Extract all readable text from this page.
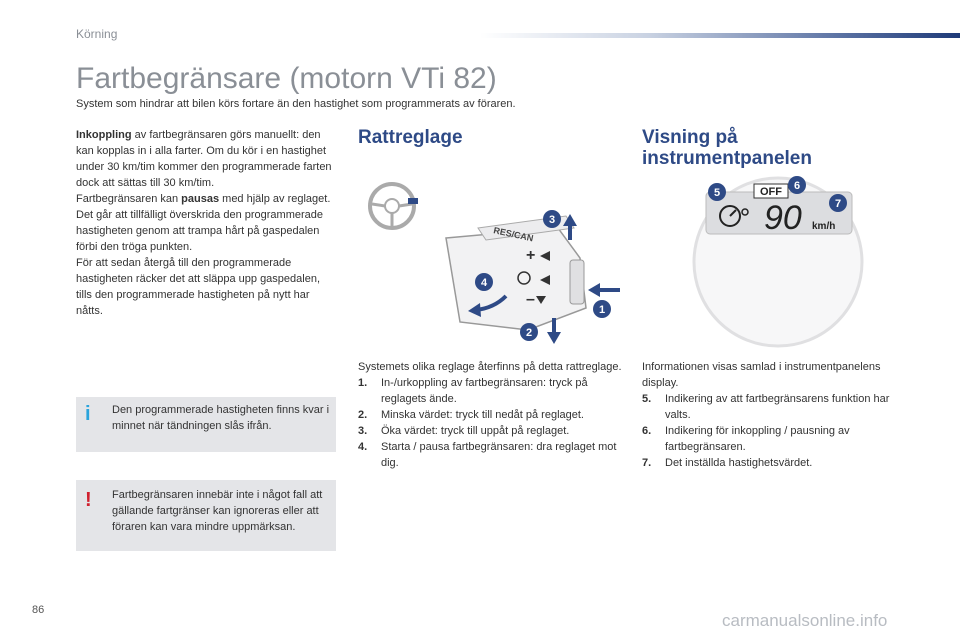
Körning
Fartbegränsare (motorn VTi 82)
System som hindrar att bilen körs fortare än den hastighet som programmerats av föraren.

Inkoppling av fartbegränsaren görs manuellt: den kan kopplas in i alla farter. Om du kör i en hastighet under 30 km/tim kommer den programmerade farten dock att sättas till 30 km/tim.

Fartbegränsaren kan pausas med hjälp av reglaget.

Det går att tillfälligt överskrida den programmerade hastigheten genom att trampa hårt på gaspedalen förbi den tröga punkten.

För att sedan återgå till den programmerade hastigheten räcker det att släppa upp gaspedalen, tills den programmerade hastigheten på nytt har nåtts.

i Den programmerade hastigheten finns kvar i minnet när tändningen slås ifrån.
! Fartbegränsaren innebär inte i något fall att gällande fartgränser kan ignoreras eller att föraren kan vara mindre uppmärksan.
Rattreglage
RES/CAN
+
–
1
2
3
4

Systemets olika reglage återfinns på detta rattreglage.

1. In-/urkoppling av fartbegränsaren: tryck på reglagets ände.

2. Minska värdet: tryck till nedåt på reglaget.

3. Öka värdet: tryck till uppåt på reglaget.

4. Starta / pausa fartbegränsaren: dra reglaget mot dig.

Visning på
instrumentpanelen
OFF
90 km/h
5
6
7

Informationen visas samlad i instrumentpanelens display.

5. Indikering av att fartbegränsarens funktion har valts.

6. Indikering för inkoppling / pausning av fartbegränsaren.

7. Det inställda hastighetsvärdet.

86
carmanualsonline.info
